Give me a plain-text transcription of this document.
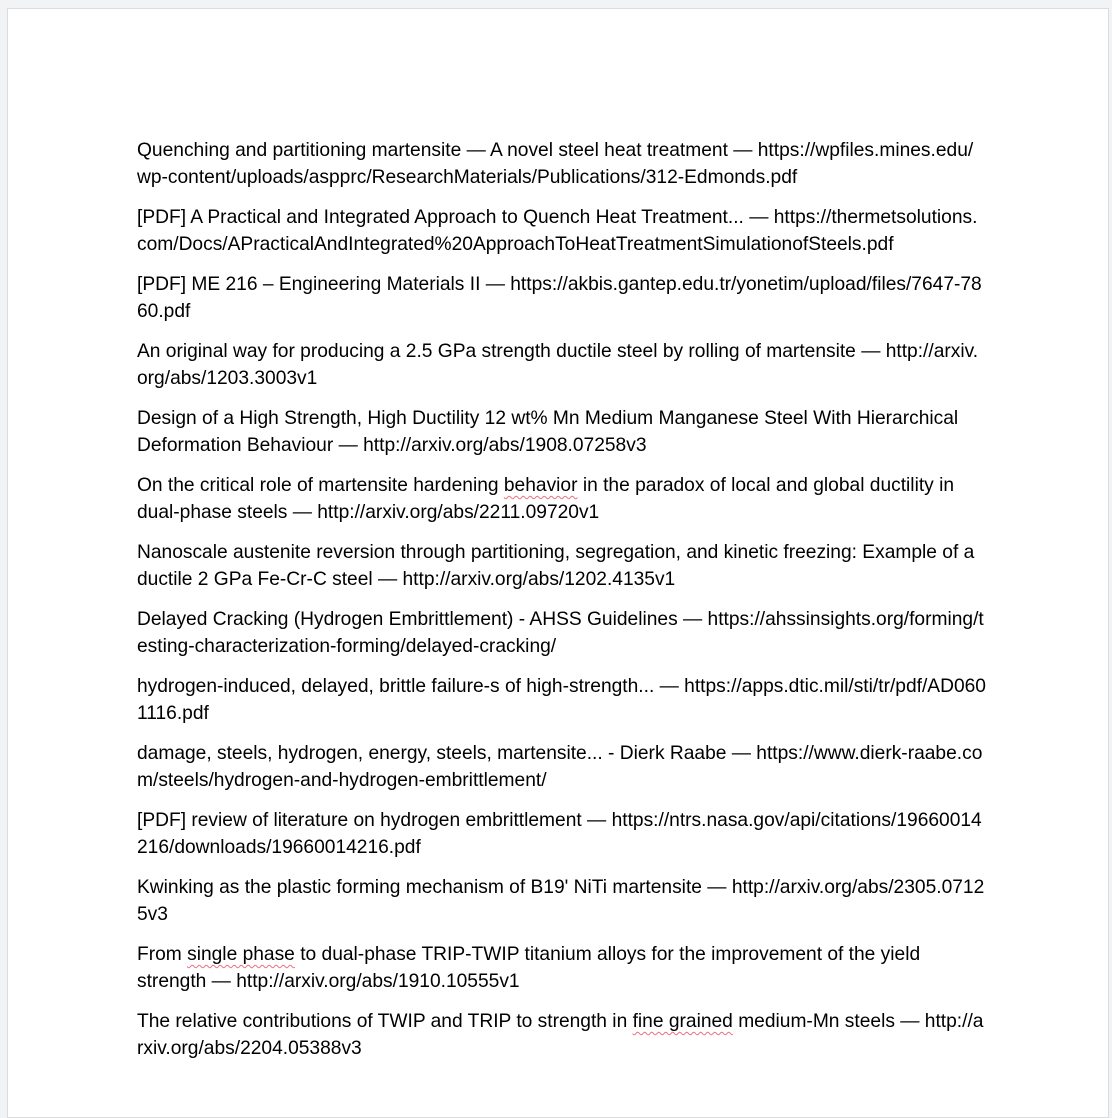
Quenching and partitioning martensite — A novel steel heat treatment — https://wpfiles.mines.edu/wp-content/uploads/aspprc/ResearchMaterials/Publications/312-Edmonds.pdf

[PDF] A Practical and Integrated Approach to Quench Heat Treatment... — https://thermetsolutions.com/Docs/APracticalAndIntegrated%20ApproachToHeatTreatmentSimulationofSteels.pdf

[PDF] ME 216 – Engineering Materials II — https://akbis.gantep.edu.tr/yonetim/upload/files/7647-7860.pdf

An original way for producing a 2.5 GPa strength ductile steel by rolling of martensite — http://arxiv.org/abs/1203.3003v1

Design of a High Strength, High Ductility 12 wt% Mn Medium Manganese Steel With Hierarchical Deformation Behaviour — http://arxiv.org/abs/1908.07258v3

On the critical role of martensite hardening behavior in the paradox of local and global ductility in dual-phase steels — http://arxiv.org/abs/2211.09720v1

Nanoscale austenite reversion through partitioning, segregation, and kinetic freezing: Example of a ductile 2 GPa Fe-Cr-C steel — http://arxiv.org/abs/1202.4135v1

Delayed Cracking (Hydrogen Embrittlement) - AHSS Guidelines — https://ahssinsights.org/forming/testing-characterization-forming/delayed-cracking/

hydrogen-induced, delayed, brittle failure-s of high-strength... — https://apps.dtic.mil/sti/tr/pdf/AD0601116.pdf

damage, steels, hydrogen, energy, steels, martensite... - Dierk Raabe — https://www.dierk-raabe.com/steels/hydrogen-and-hydrogen-embrittlement/

[PDF] review of literature on hydrogen embrittlement — https://ntrs.nasa.gov/api/citations/19660014216/downloads/19660014216.pdf

Kwinking as the plastic forming mechanism of B19' NiTi martensite — http://arxiv.org/abs/2305.07125v3

From single phase to dual-phase TRIP-TWIP titanium alloys for the improvement of the yield strength — http://arxiv.org/abs/1910.10555v1

The relative contributions of TWIP and TRIP to strength in fine grained medium-Mn steels — http://arxiv.org/abs/2204.05388v3
